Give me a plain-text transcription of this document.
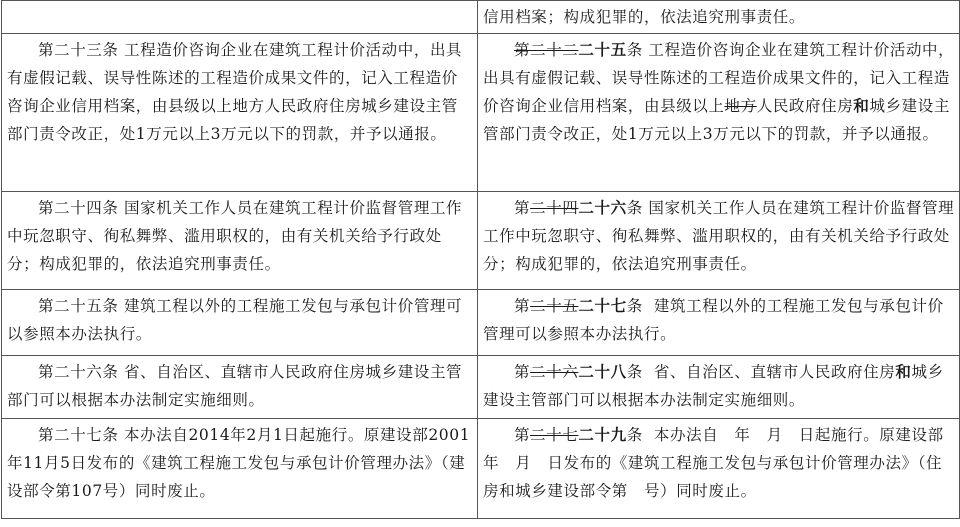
	信用档案；构成犯罪的，依法追究刑事责任。
第二十三条 工程造价咨询企业在建筑工程计价活动中，出具有虚假记载、误导性陈述的工程造价成果文件的，记入工程造价咨询企业信用档案，由县级以上地方人民政府住房城乡建设主管部门责令改正，处1万元以上3万元以下的罚款，并予以通报。	第二十二二十五条 工程造价咨询企业在建筑工程计价活动中，出具有虚假记载、误导性陈述的工程造价成果文件的，记入工程造价咨询企业信用档案，由县级以上地方人民政府住房和城乡建设主管部门责令改正，处1万元以上3万元以下的罚款，并予以通报。
第二十四条 国家机关工作人员在建筑工程计价监督管理工作中玩忽职守、徇私舞弊、滥用职权的，由有关机关给予行政处分；构成犯罪的，依法追究刑事责任。	第二十四二十六条 国家机关工作人员在建筑工程计价监督管理工作中玩忽职守、徇私舞弊、滥用职权的，由有关机关给予行政处分；构成犯罪的，依法追究刑事责任。
第二十五条 建筑工程以外的工程施工发包与承包计价管理可以参照本办法执行。	第二十五二十七条 建筑工程以外的工程施工发包与承包计价管理可以参照本办法执行。
第二十六条 省、自治区、直辖市人民政府住房城乡建设主管部门可以根据本办法制定实施细则。	第二十六二十八条 省、自治区、直辖市人民政府住房和城乡建设主管部门可以根据本办法制定实施细则。
第二十七条 本办法自2014年2月1日起施行。原建设部2001年11月5日发布的《建筑工程施工发包与承包计价管理办法》（建设部令第107号）同时废止。	第二十七二十九条 本办法自　年　月　日起施行。原建设部　年　月　日发布的《建筑工程施工发包与承包计价管理办法》（住房和城乡建设部令第　号）同时废止。
